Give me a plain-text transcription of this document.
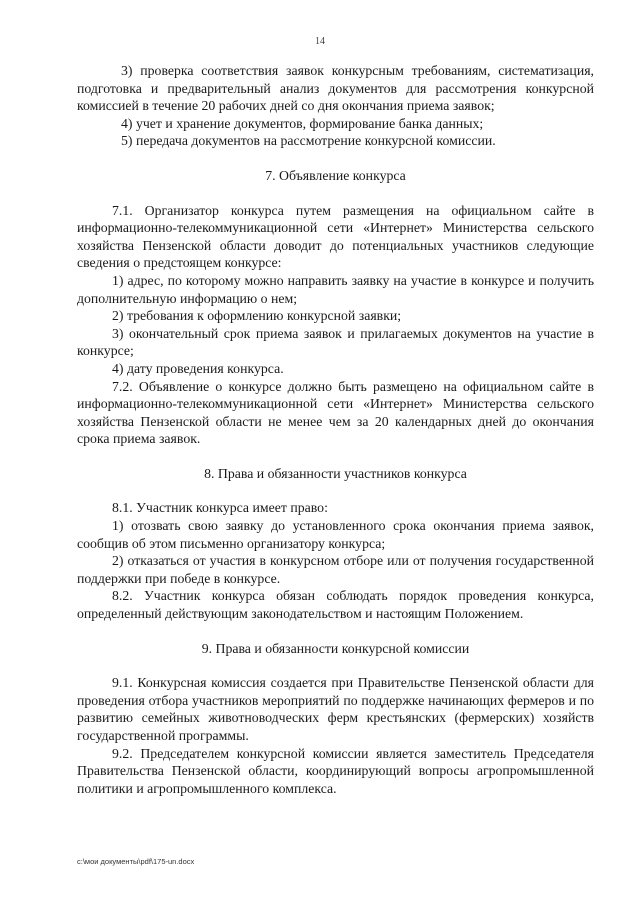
14

3) проверка соответствия заявок конкурсным требованиям, систематизация, подготовка и предварительный анализ документов для рассмотрения конкурсной комиссией в течение 20 рабочих дней со дня окончания приема заявок;

4) учет и хранение документов, формирование банка данных;

5) передача документов на рассмотрение конкурсной комиссии.

7. Объявление конкурса

7.1. Организатор конкурса путем размещения на официальном сайте в информационно-телекоммуникационной сети «Интернет» Министерства сельского хозяйства Пензенской области доводит до потенциальных участников следующие сведения о предстоящем конкурсе:

1) адрес, по которому можно направить заявку на участие в конкурсе и получить дополнительную информацию о нем;

2) требования к оформлению конкурсной заявки;

3) окончательный срок приема заявок и прилагаемых документов на участие в конкурсе;

4) дату проведения конкурса.

7.2. Объявление о конкурсе должно быть размещено на официальном сайте в информационно-телекоммуникационной сети «Интернет» Министерства сельского хозяйства Пензенской области не менее чем за 20 календарных дней до окончания срока приема заявок.

8. Права и обязанности участников конкурса

8.1. Участник конкурса имеет право:

1) отозвать свою заявку до установленного срока окончания приема заявок, сообщив об этом письменно организатору конкурса;

2) отказаться от участия в конкурсном отборе или от получения государственной поддержки при победе в конкурсе.

8.2. Участник конкурса обязан соблюдать порядок проведения конкурса, определенный действующим законодательством и настоящим Положением.

9. Права и обязанности конкурсной комиссии

9.1. Конкурсная комиссия создается при Правительстве Пензенской области для проведения отбора участников мероприятий по поддержке начинающих фермеров и по развитию семейных животноводческих ферм крестьянских (фермерских) хозяйств государственной программы.

9.2. Председателем конкурсной комиссии является заместитель Председателя Правительства Пензенской области, координирующий вопросы агропромышленной политики и агропромышленного комплекса.

c:\мои документы\pdf\175-un.docx
